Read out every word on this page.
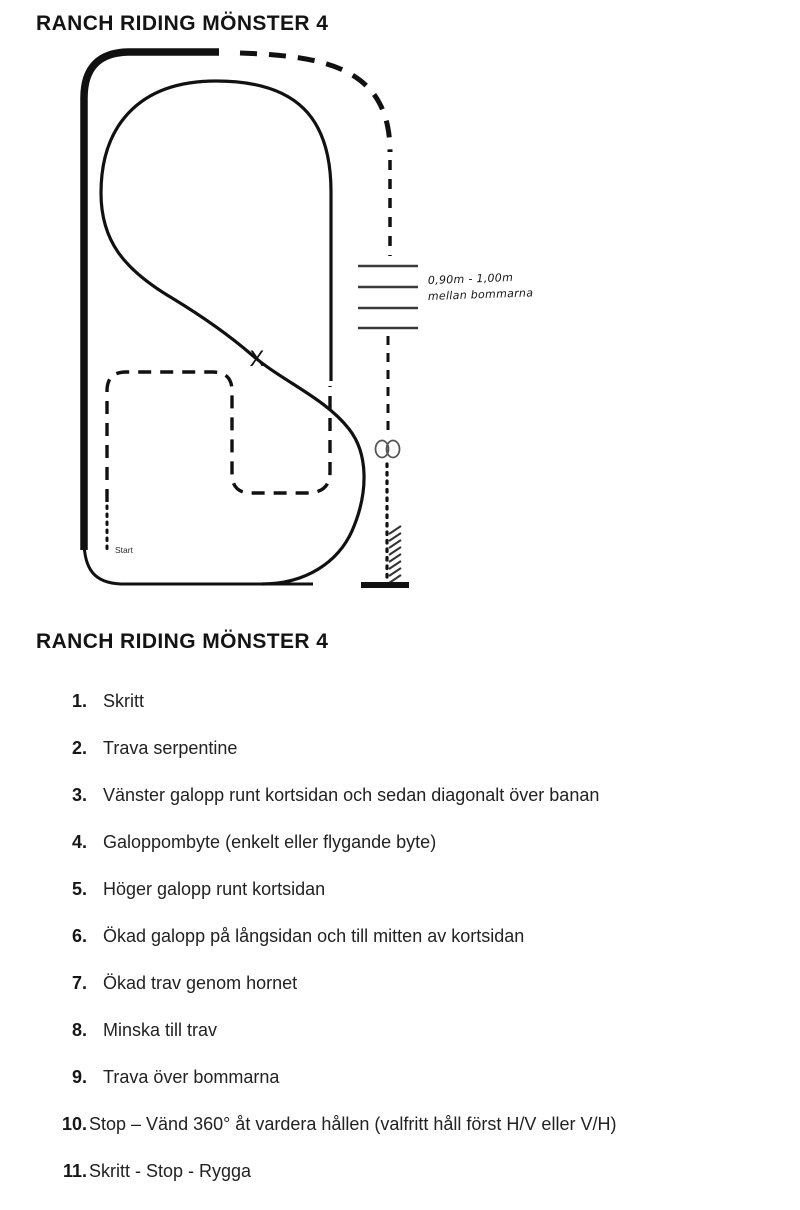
RANCH RIDING MÖNSTER 4
0,90m - 1,00m
mellan bommarna
Start
X
RANCH RIDING MÖNSTER 4
1. Skritt
2. Trava serpentine
3. Vänster galopp runt kortsidan och sedan diagonalt över banan
4. Galoppombyte (enkelt eller flygande byte)
5. Höger galopp runt kortsidan
6. Ökad galopp på långsidan och till mitten av kortsidan
7. Ökad trav genom hornet
8. Minska till trav
9. Trava över bommarna
10. Stop – Vänd 360° åt vardera hållen (valfritt håll först H/V eller V/H)
11. Skritt - Stop - Rygga
